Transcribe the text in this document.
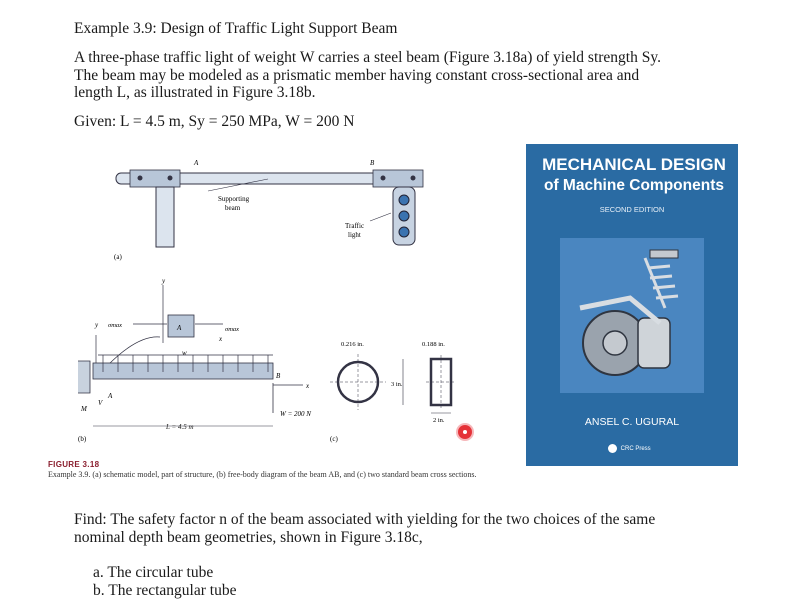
Example 3.9: Design of Traffic Light Support Beam
A three-phase traffic light of weight W carries a steel beam (Figure 3.18a) of yield strength Sy. The beam may be modeled as a prismatic member having constant cross-sectional area and length L, as illustrated in Figure 3.18b.
Given: L = 4.5 m, Sy = 250 MPa, W = 200 N
Supporting
beam
A	B
Traffic
light
(a)
y
A
σmax
σmax
x
y
w
x
B
A
W = 200 N
M
V
L = 4.5 m
(b)
0.216 in.	0.188 in.
3 in.
2 in.
(c)
FIGURE 3.18
Example 3.9. (a) schematic model, part of structure, (b) free-body diagram of the beam AB, and (c) two standard beam cross sections.
MECHANICAL DESIGN
of Machine Components
SECOND EDITION
ANSEL C. UGURAL
CRC Press
Find: The safety factor n of the beam associated with yielding for the two choices of the same nominal depth beam geometries, shown in Figure 3.18c,
a. The circular tube
b. The rectangular tube
